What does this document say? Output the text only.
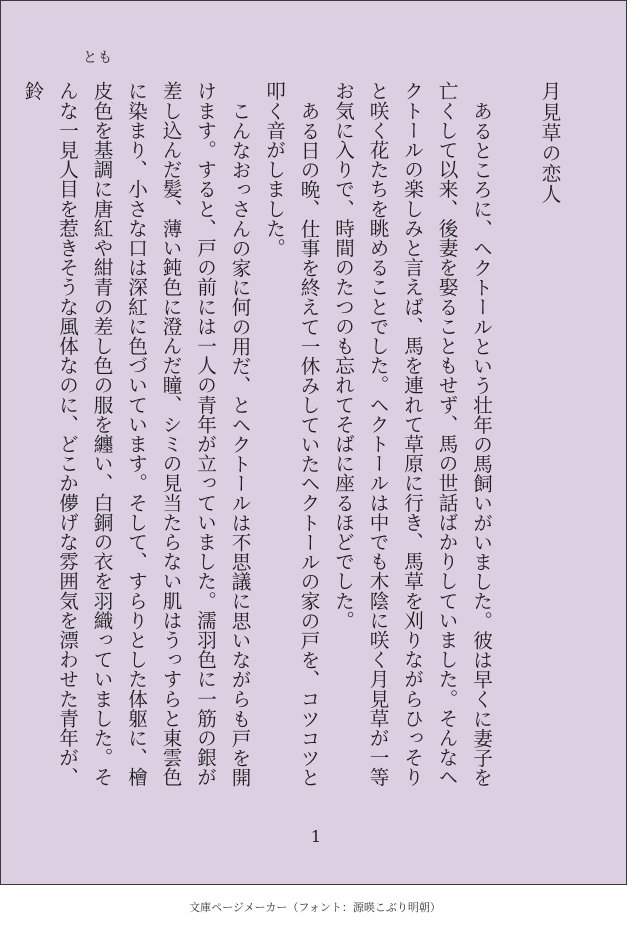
とも
月見草の恋人

あるところに、ヘクトールという壮年の馬飼いがいました。彼は早くに妻子を亡くして以来、後妻を娶ることもせず、馬の世話ばかりしていました。そんなヘクトールの楽しみと言えば、馬を連れて草原に行き、馬草を刈りながらひっそりと咲く花たちを眺めることでした。ヘクトールは中でも木陰に咲く月見草が一等お気に入りで、時間のたつのも忘れてそばに座るほどでした。

ある日の晩、仕事を終えて一休みしていたヘクトールの家の戸を、コツコツと叩く音がしました。

こんなおっさんの家に何の用だ、とヘクトールは不思議に思いながらも戸を開けます。すると、戸の前には一人の青年が立っていました。濡羽色に一筋の銀が差し込んだ髪、薄い鈍色に澄んだ瞳、シミの見当たらない肌はうっすらと東雲色に染まり、小さな口は深紅に色づいています。そして、すらりとした体躯に、檜皮色を基調に唐紅や紺青の差し色の服を纏い、白銅の衣を羽織っていました。そんな一見人目を惹きそうな風体なのに、どこか儚げな雰囲気を漂わせた青年が、鈴

1
文庫ページメーカー（フォント：源暎こぶり明朝）
